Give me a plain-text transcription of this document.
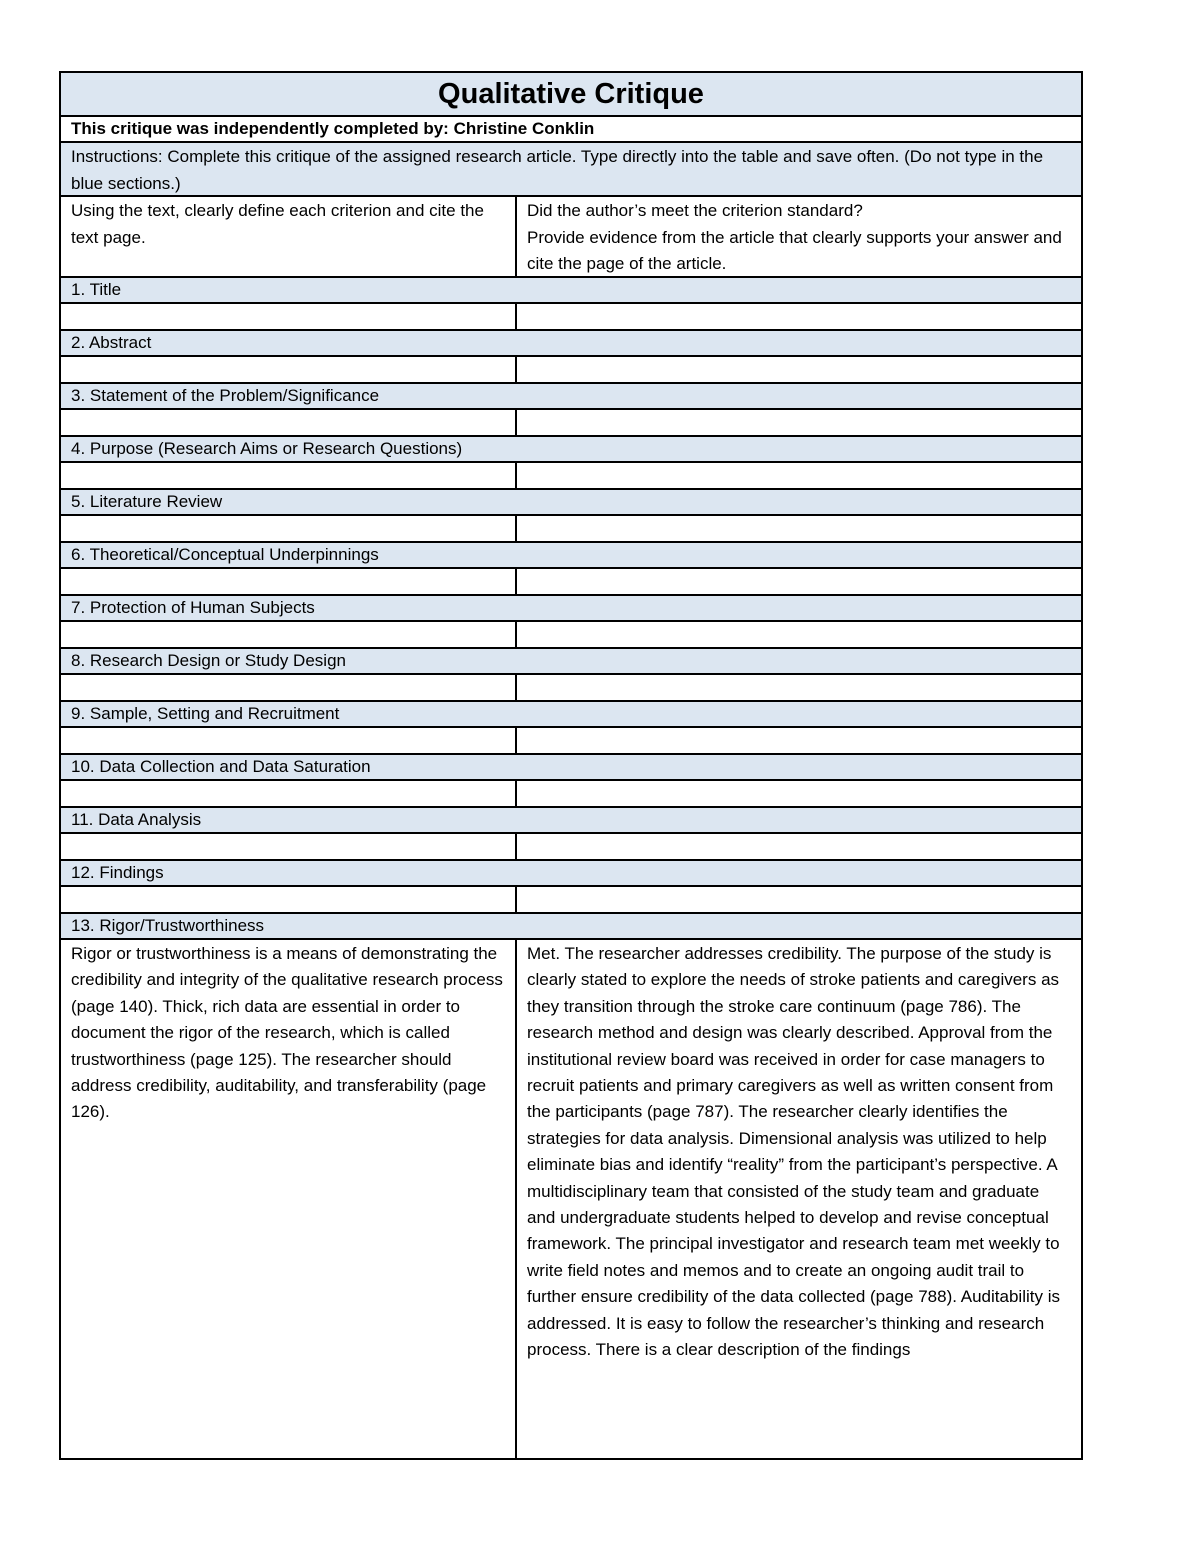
Qualitative Critique
This critique was independently completed by: Christine Conklin
Instructions: Complete this critique of the assigned research article. Type directly into the table and save often. (Do not type in the blue sections.)
Using the text, clearly define each criterion and cite the text page.
Did the author’s meet the criterion standard?
Provide evidence from the article that clearly supports your answer and cite the page of the article.
1. Title
2. Abstract
3. Statement of the Problem/Significance
4. Purpose (Research Aims or Research Questions)
5. Literature Review
6. Theoretical/Conceptual Underpinnings
7. Protection of Human Subjects
8. Research Design or Study Design
9. Sample, Setting and Recruitment
10. Data Collection and Data Saturation
11. Data Analysis
12. Findings
13. Rigor/Trustworthiness
Rigor or trustworthiness is a means of demonstrating the credibility and integrity of the qualitative research process (page 140). Thick, rich data are essential in order to document the rigor of the research, which is called trustworthiness (page 125). The researcher should address credibility, auditability, and transferability (page 126).
Met. The researcher addresses credibility. The purpose of the study is clearly stated to explore the needs of stroke patients and caregivers as they transition through the stroke care continuum (page 786). The research method and design was clearly described. Approval from the institutional review board was received in order for case managers to recruit patients and primary caregivers as well as written consent from the participants (page 787). The researcher clearly identifies the strategies for data analysis. Dimensional analysis was utilized to help eliminate bias and identify “reality” from the participant’s perspective. A multidisciplinary team that consisted of the study team and graduate and undergraduate students helped to develop and revise conceptual framework. The principal investigator and research team met weekly to write field notes and memos and to create an ongoing audit trail to further ensure credibility of the data collected (page 788). Auditability is addressed. It is easy to follow the researcher’s thinking and research process. There is a clear description of the findings
